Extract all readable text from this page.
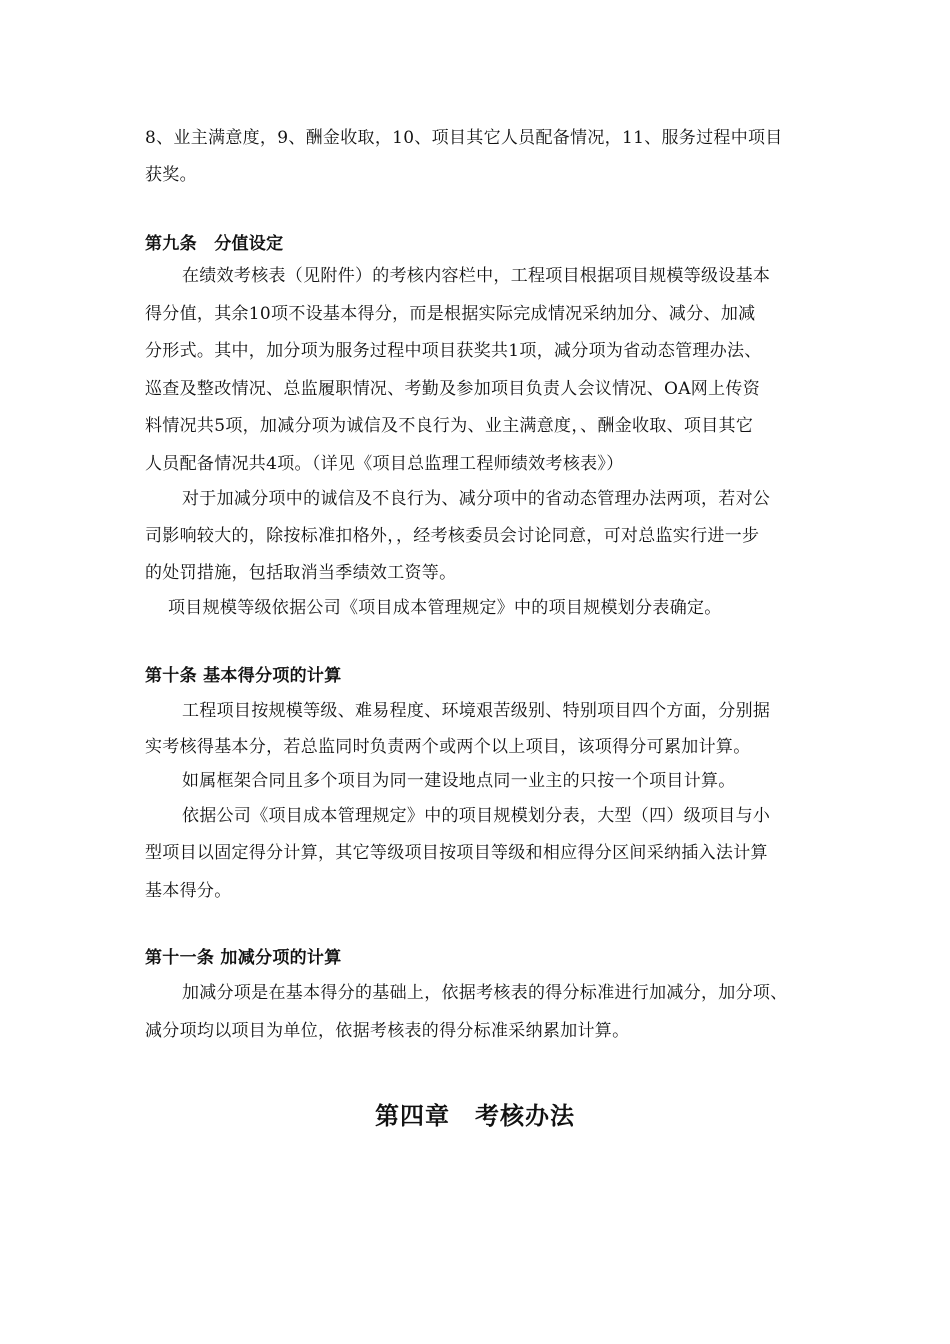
8、业主满意度，9、酬金收取，10、项目其它人员配备情况，11、服务过程中项目
获奖。
第九条　分值设定
在绩效考核表（见附件）的考核内容栏中，工程项目根据项目规模等级设基本
得分值，其余10项不设基本得分，而是根据实际完成情况采纳加分、减分、加减
分形式。其中，加分项为服务过程中项目获奖共1项，减分项为省动态管理办法、
巡查及整改情况、总监履职情况、考勤及参加项目负责人会议情况、OA网上传资
料情况共5项，加减分项为诚信及不良行为、业主满意度，、酬金收取、项目其它
人员配备情况共4项。（详见《项目总监理工程师绩效考核表》）
对于加减分项中的诚信及不良行为、减分项中的省动态管理办法两项，若对公
司影响较大的，除按标准扣格外，，经考核委员会讨论同意，可对总监实行进一步
的处罚措施，包括取消当季绩效工资等。
项目规模等级依据公司《项目成本管理规定》中的项目规模划分表确定。
第十条 基本得分项的计算
工程项目按规模等级、难易程度、环境艰苦级别、特别项目四个方面，分别据
实考核得基本分，若总监同时负责两个或两个以上项目，该项得分可累加计算。
如属框架合同且多个项目为同一建设地点同一业主的只按一个项目计算。
依据公司《项目成本管理规定》中的项目规模划分表，大型（四）级项目与小
型项目以固定得分计算，其它等级项目按项目等级和相应得分区间采纳插入法计算
基本得分。
第十一条 加减分项的计算
加减分项是在基本得分的基础上，依据考核表的得分标准进行加减分，加分项、
减分项均以项目为单位，依据考核表的得分标准采纳累加计算。
第四章　考核办法
